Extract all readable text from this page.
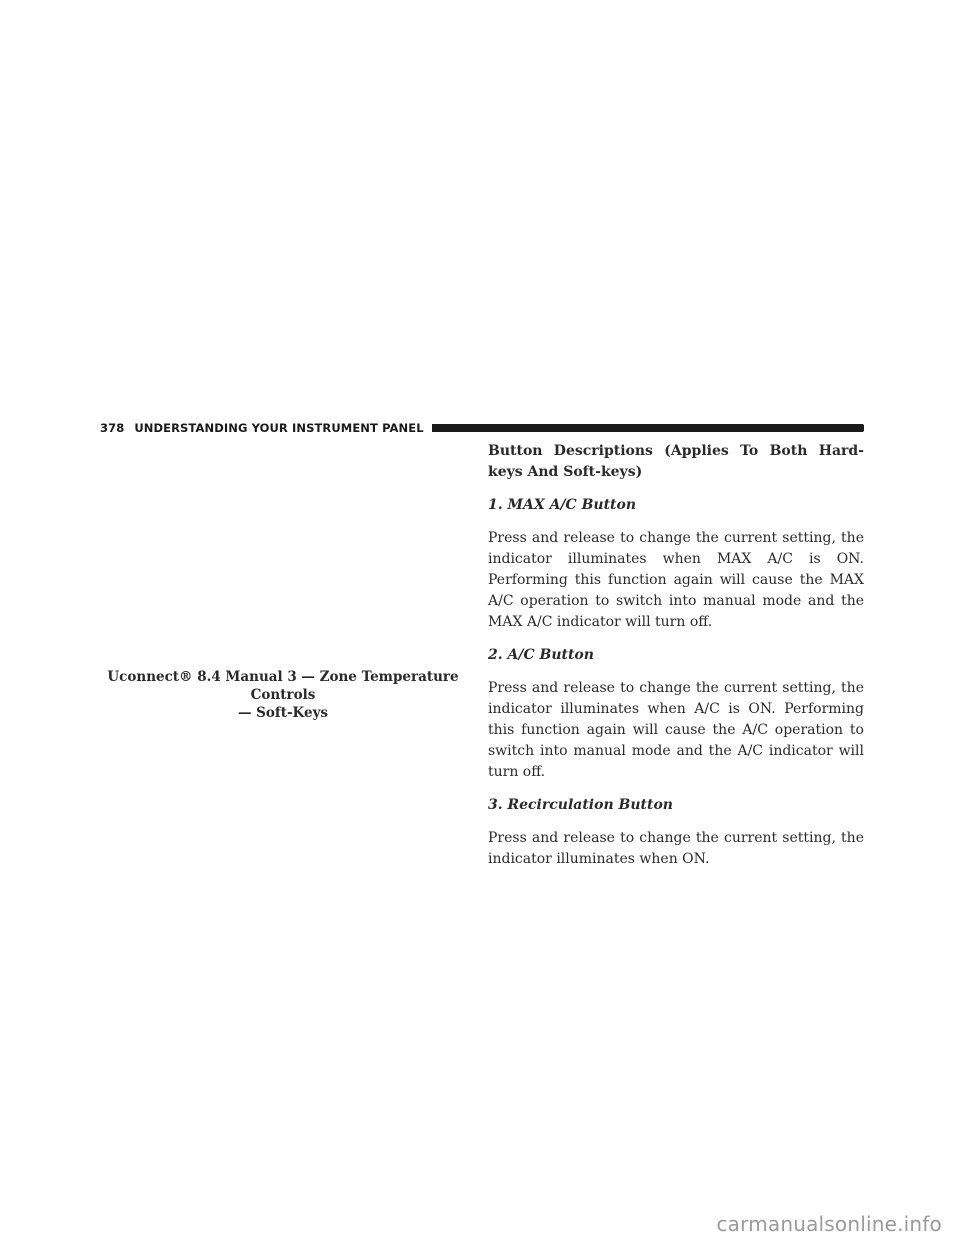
378 UNDERSTANDING YOUR INSTRUMENT PANEL
Uconnect® 8.4 Manual 3 — Zone Temperature Controls
— Soft-Keys
Button Descriptions (Applies To Both Hard-keys And Soft-keys)
1. MAX A/C Button
Press and release to change the current setting, the indicator illuminates when MAX A/C is ON. Performing this function again will cause the MAX A/C operation to switch into manual mode and the MAX A/C indicator will turn off.
2. A/C Button
Press and release to change the current setting, the indicator illuminates when A/C is ON. Performing this function again will cause the A/C operation to switch into manual mode and the A/C indicator will turn off.
3. Recirculation Button
Press and release to change the current setting, the indicator illuminates when ON.
carmanualsonline.info
